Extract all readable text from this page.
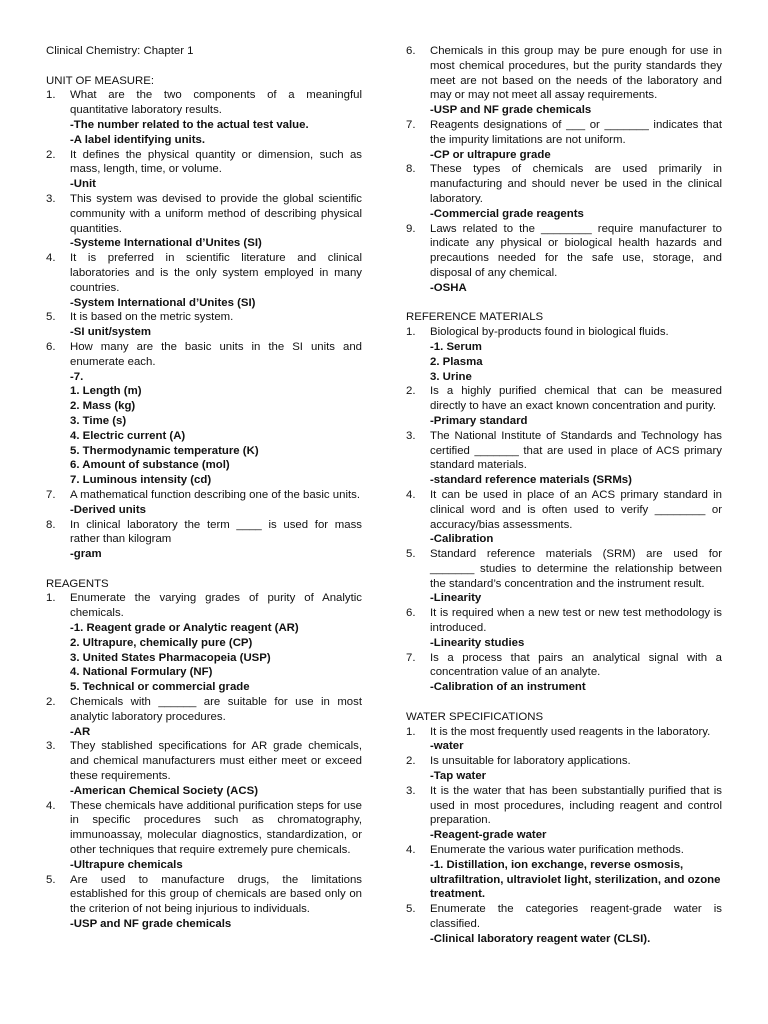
Clinical Chemistry: Chapter 1

UNIT OF MEASURE:

1.	What are the two components of a meaningful quantitative laboratory results.
-The number related to the actual test value.
-A label identifying units.
2.	It defines the physical quantity or dimension, such as mass, length, time, or volume.
-Unit
3.	This system was devised to provide the global scientific community with a uniform method of describing physical quantities.
-Systeme International d’Unites (SI)
4.	It is preferred in scientific literature and clinical laboratories and is the only system employed in many countries.
-System International d’Unites (SI)
5.	It is based on the metric system.
-SI unit/system
6.	How many are the basic units in the SI units and enumerate each.
-7.
1. Length (m)
2. Mass (kg)
3. Time (s)
4. Electric current (A)
5. Thermodynamic temperature (K)
6. Amount of substance (mol)
7. Luminous intensity (cd)
7.	A mathematical function describing one of the basic units.
-Derived units
8.	In clinical laboratory the term ____ is used for mass rather than kilogram
-gram

REAGENTS

1.	Enumerate the varying grades of purity of Analytic chemicals.
-1. Reagent grade or Analytic reagent (AR)
2. Ultrapure, chemically pure (CP)
3. United States Pharmacopeia (USP)
4. National Formulary (NF)
5. Technical or commercial grade
2.	Chemicals with ______ are suitable for use in most analytic laboratory procedures.
-AR
3.	They stablished specifications for AR grade chemicals, and chemical manufacturers must either meet or exceed these requirements.
-American Chemical Society (ACS)
4.	These chemicals have additional purification steps for use in specific procedures such as chromatography, immunoassay, molecular diagnostics, standardization, or other techniques that require extremely pure chemicals.
-Ultrapure chemicals
5.	Are used to manufacture drugs, the limitations established for this group of chemicals are based only on the criterion of not being injurious to individuals.
-USP and NF grade chemicals
6.	Chemicals in this group may be pure enough for use in most chemical procedures, but the purity standards they meet are not based on the needs of the laboratory and may or may not meet all assay requirements.
-USP and NF grade chemicals
7.	Reagents designations of ___ or _______ indicates that the impurity limitations are not uniform.
-CP or ultrapure grade
8.	These types of chemicals are used primarily in manufacturing and should never be used in the clinical laboratory.
-Commercial grade reagents
9.	Laws related to the ________ require manufacturer to indicate any physical or biological health hazards and precautions needed for the safe use, storage, and disposal of any chemical.
-OSHA

REFERENCE MATERIALS

1.	Biological by-products found in biological fluids.
-1. Serum
2. Plasma
3. Urine
2.	Is a highly purified chemical that can be measured directly to have an exact known concentration and purity.
-Primary standard
3.	The National Institute of Standards and Technology has certified _______ that are used in place of ACS primary standard materials.
-standard reference materials (SRMs)
4.	It can be used in place of an ACS primary standard in clinical word and is often used to verify ________ or accuracy/bias assessments.
-Calibration
5.	Standard reference materials (SRM) are used for _______ studies to determine the relationship between the standard’s concentration and the instrument result.
-Linearity
6.	It is required when a new test or new test methodology is introduced.
-Linearity studies
7.	Is a process that pairs an analytical signal with a concentration value of an analyte.
-Calibration of an instrument

WATER SPECIFICATIONS

1.	It is the most frequently used reagents in the laboratory.
-water
2.	Is unsuitable for laboratory applications.
-Tap water
3.	It is the water that has been substantially purified that is used in most procedures, including reagent and control preparation.
-Reagent-grade water
4.	Enumerate the various water purification methods.
-1. Distillation, ion exchange, reverse osmosis, ultrafiltration, ultraviolet light, sterilization, and ozone treatment.
5.	Enumerate the categories reagent-grade water is classified.
-Clinical laboratory reagent water (CLSI).
